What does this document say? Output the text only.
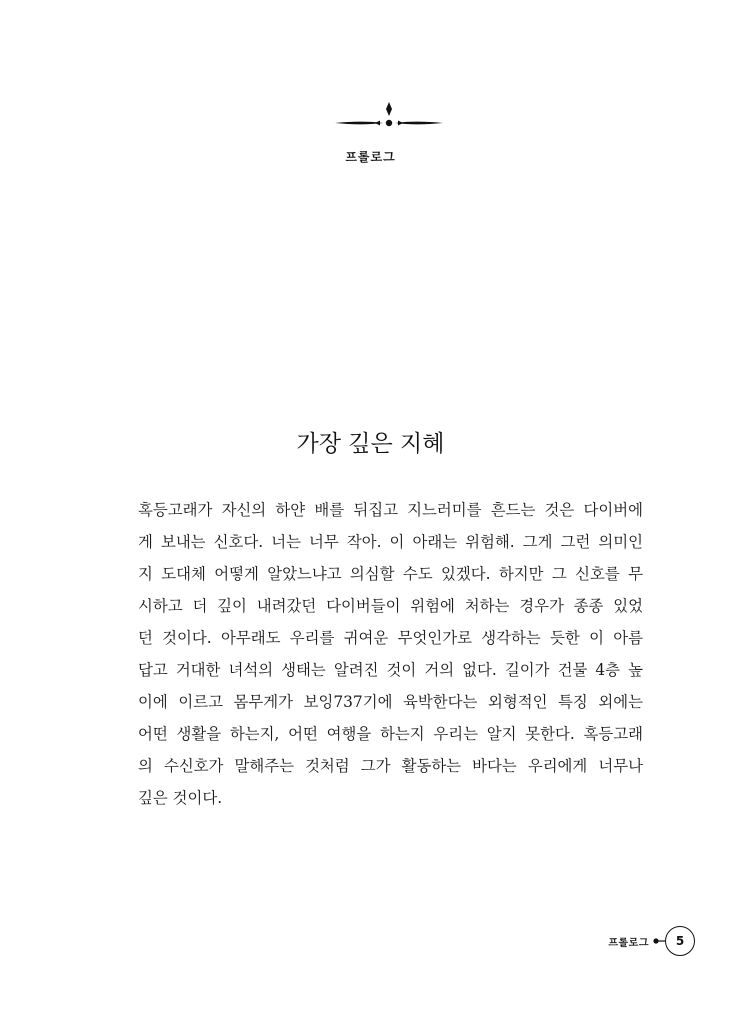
프롤로그
가장 깊은 지혜
혹등고래가 자신의 하얀 배를 뒤집고 지느러미를 흔드는 것은 다이버에
게 보내는 신호다. 너는 너무 작아. 이 아래는 위험해. 그게 그런 의미인
지 도대체 어떻게 알았느냐고 의심할 수도 있겠다. 하지만 그 신호를 무
시하고 더 깊이 내려갔던 다이버들이 위험에 처하는 경우가 종종 있었
던 것이다. 아무래도 우리를 귀여운 무엇인가로 생각하는 듯한 이 아름
답고 거대한 녀석의 생태는 알려진 것이 거의 없다. 길이가 건물 4층 높
이에 이르고 몸무게가 보잉737기에 육박한다는 외형적인 특징 외에는
어떤 생활을 하는지, 어떤 여행을 하는지 우리는 알지 못한다. 혹등고래
의 수신호가 말해주는 것처럼 그가 활동하는 바다는 우리에게 너무나
깊은 것이다.
프롤로그	5
